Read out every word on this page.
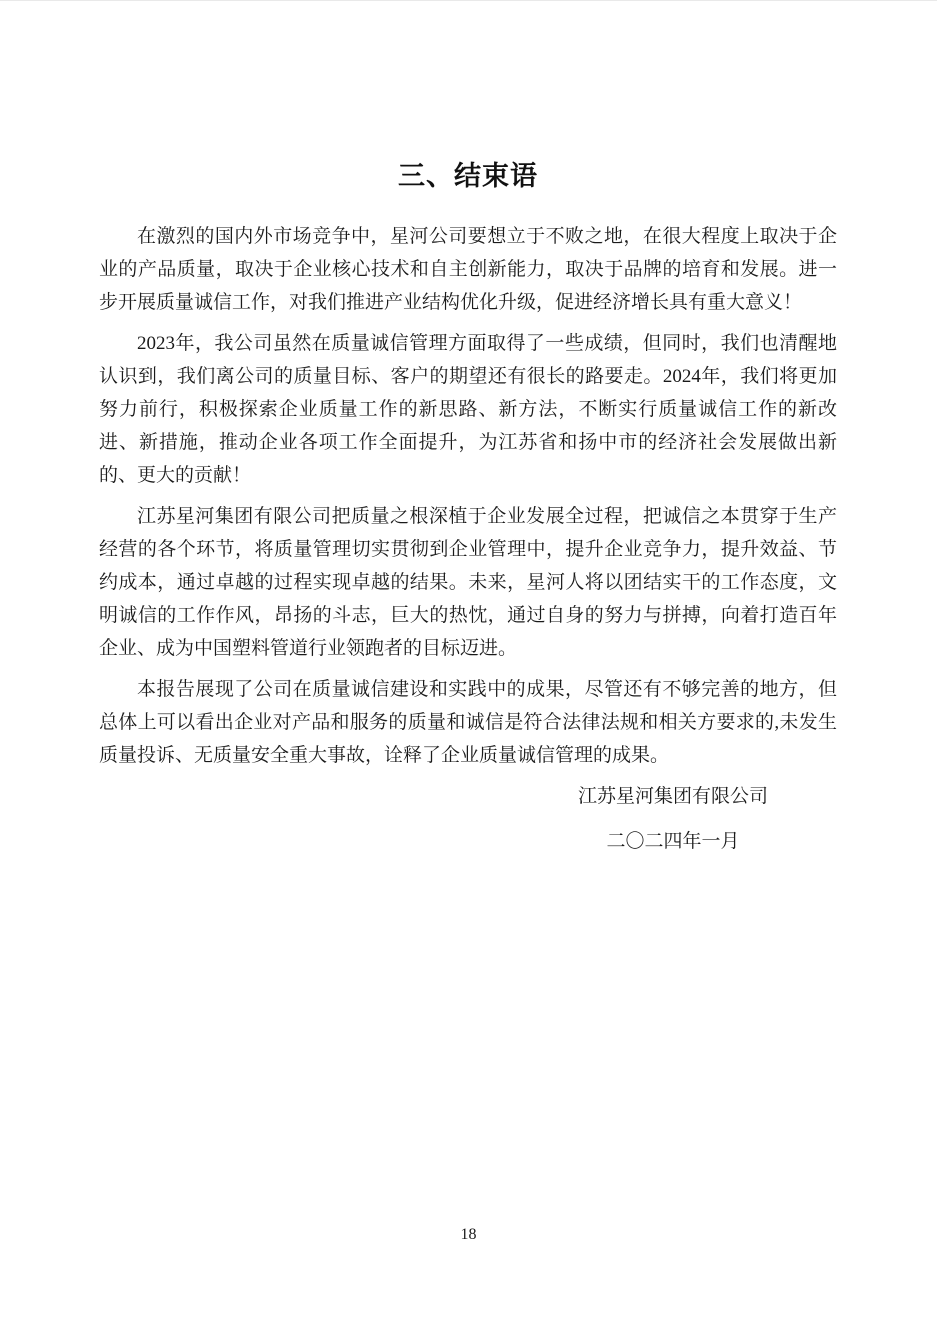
三、结束语

在激烈的国内外市场竞争中，星河公司要想立于不败之地，在很大程度上取决于企业的产品质量，取决于企业核心技术和自主创新能力，取决于品牌的培育和发展。进一步开展质量诚信工作，对我们推进产业结构优化升级，促进经济增长具有重大意义！

2023年，我公司虽然在质量诚信管理方面取得了一些成绩，但同时，我们也清醒地认识到，我们离公司的质量目标、客户的期望还有很长的路要走。2024年，我们将更加努力前行，积极探索企业质量工作的新思路、新方法，不断实行质量诚信工作的新改进、新措施，推动企业各项工作全面提升，为江苏省和扬中市的经济社会发展做出新的、更大的贡献！

江苏星河集团有限公司把质量之根深植于企业发展全过程，把诚信之本贯穿于生产经营的各个环节，将质量管理切实贯彻到企业管理中，提升企业竞争力，提升效益、节约成本，通过卓越的过程实现卓越的结果。未来，星河人将以团结实干的工作态度，文明诚信的工作作风，昂扬的斗志，巨大的热忱，通过自身的努力与拼搏，向着打造百年企业、成为中国塑料管道行业领跑者的目标迈进。

本报告展现了公司在质量诚信建设和实践中的成果，尽管还有不够完善的地方，但总体上可以看出企业对产品和服务的质量和诚信是符合法律法规和相关方要求的,未发生质量投诉、无质量安全重大事故，诠释了企业质量诚信管理的成果。

江苏星河集团有限公司
二〇二四年一月
18
